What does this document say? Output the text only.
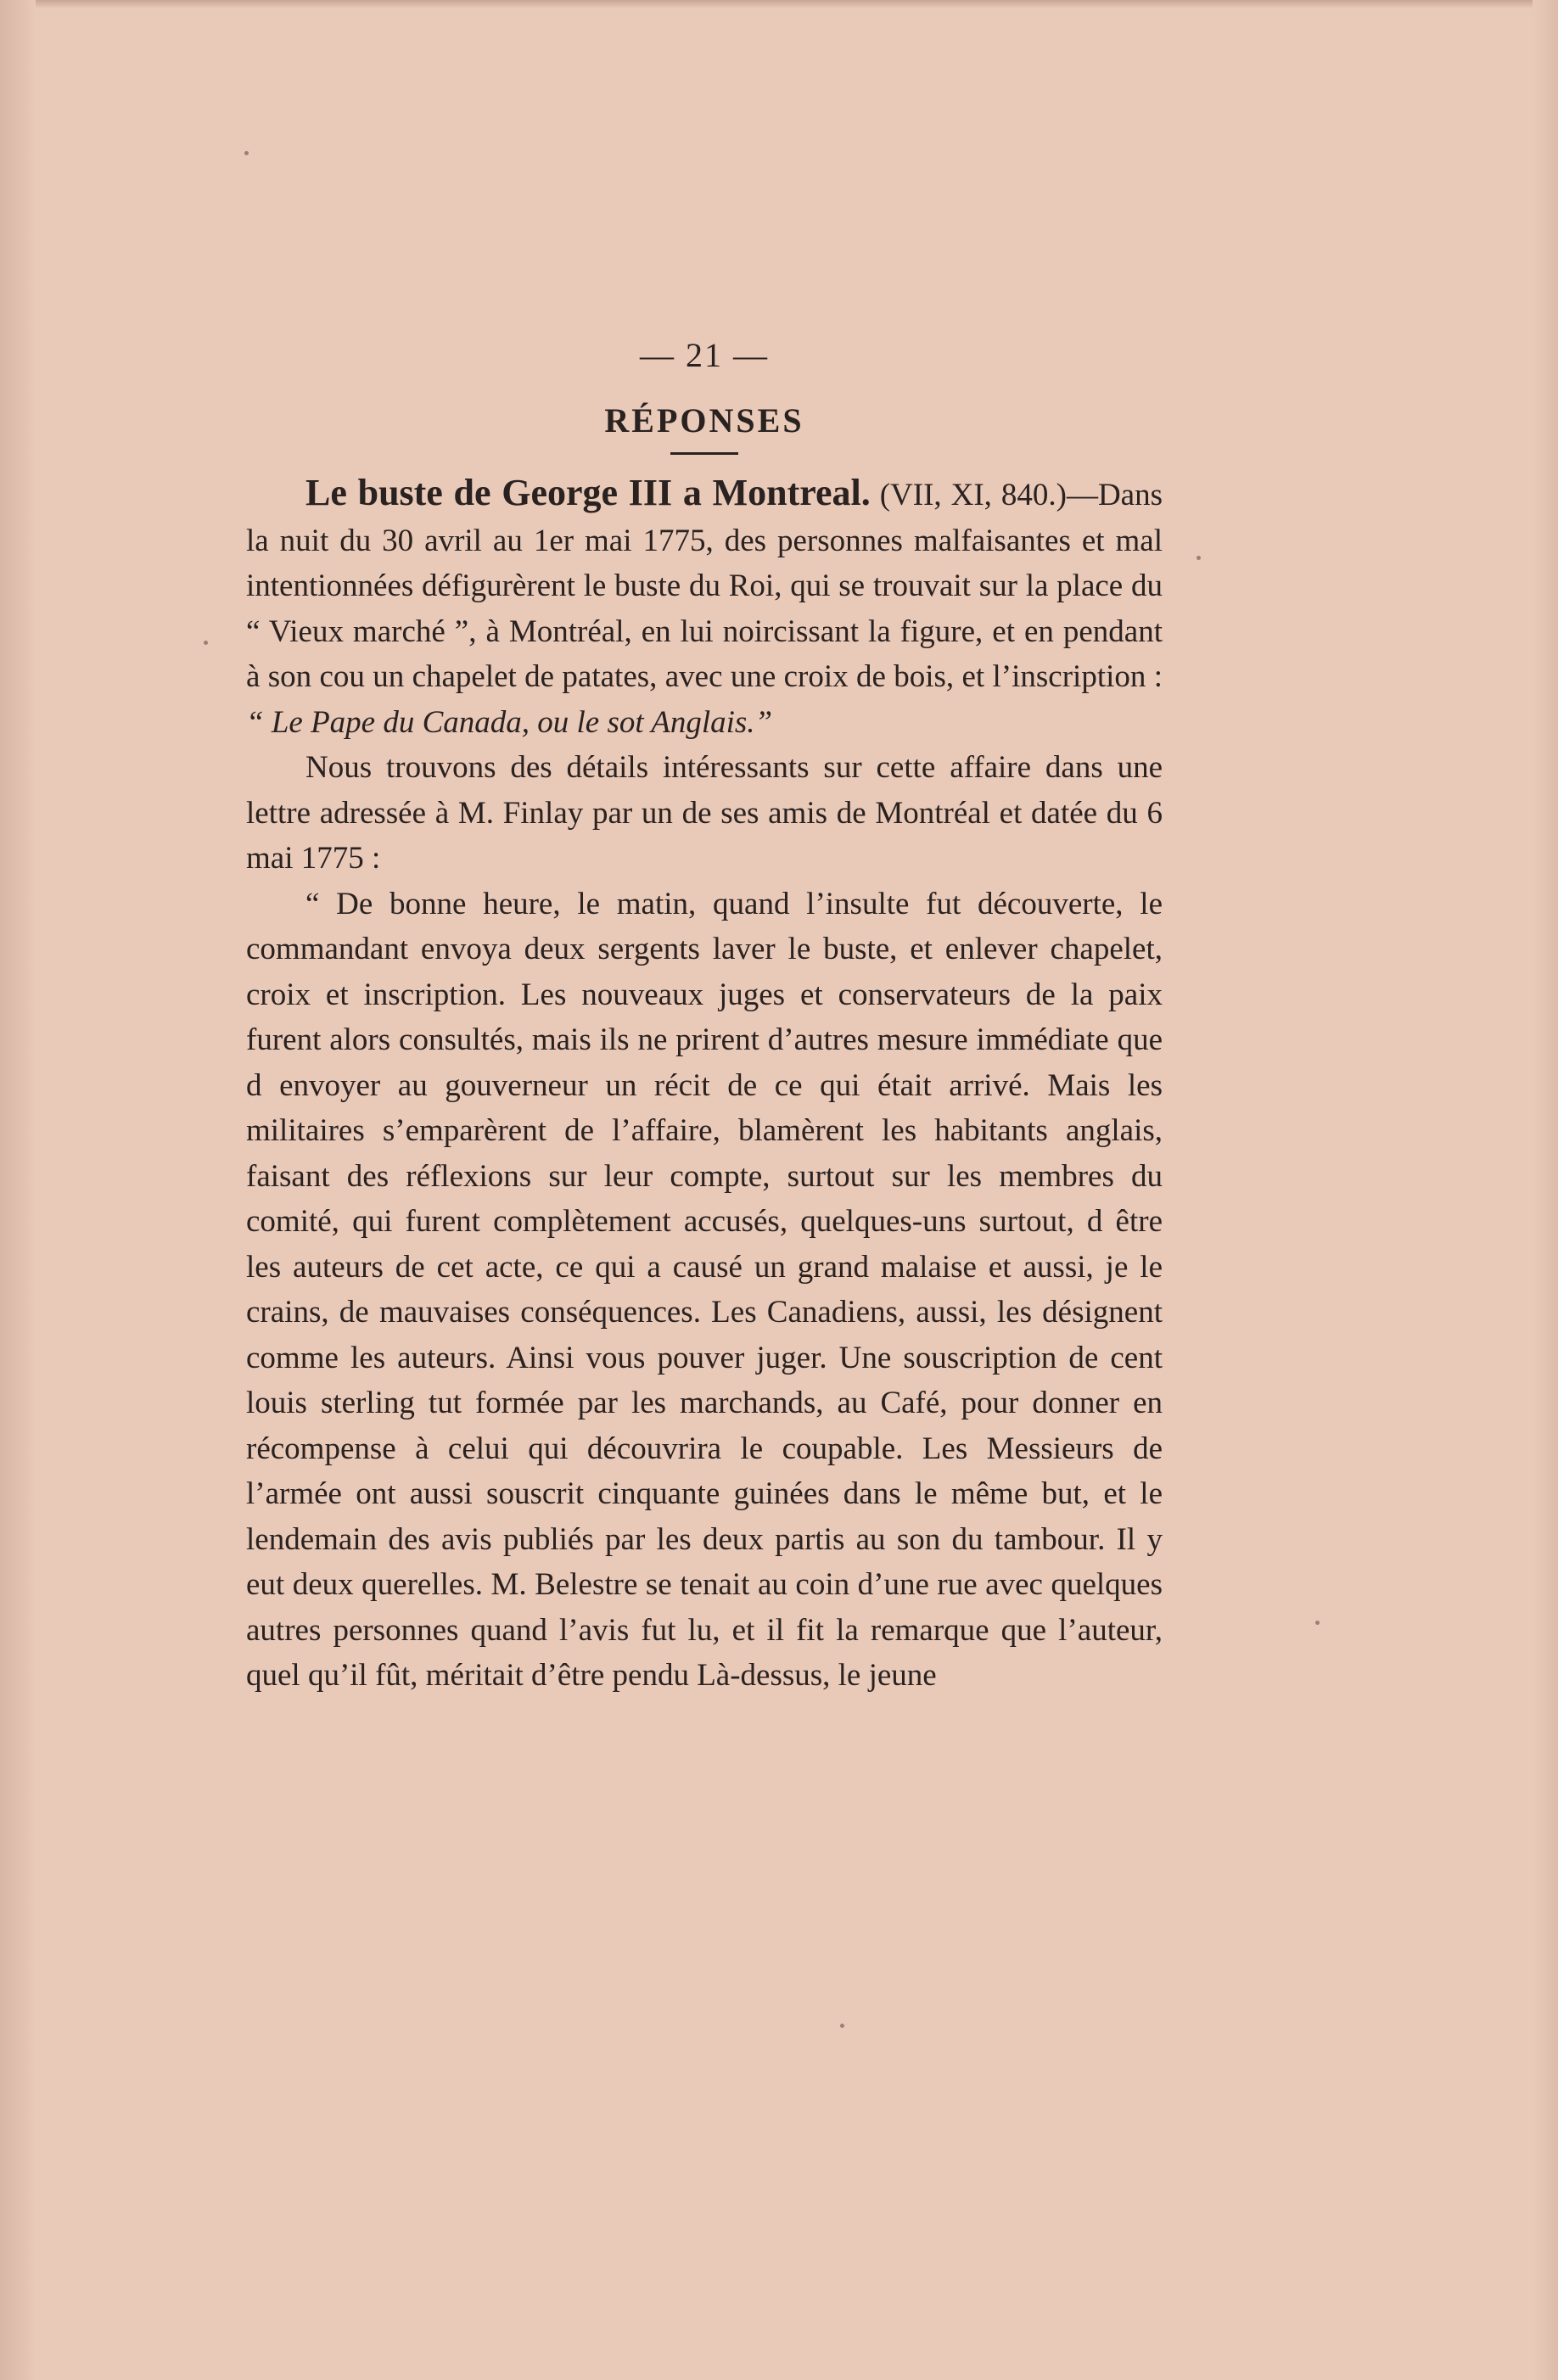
— 21 —
RÉPONSES

Le buste de George III a Montreal. (VII, XI, 840.)—Dans la nuit du 30 avril au 1er mai 1775, des personnes malfaisantes et mal intentionnées défigurèrent le buste du Roi, qui se trouvait sur la place du “ Vieux marché ”, à Montréal, en lui noircissant la figure, et en pendant à son cou un chapelet de patates, avec une croix de bois, et l’inscription : “ Le Pape du Canada, ou le sot Anglais.”

Nous trouvons des détails intéressants sur cette affaire dans une lettre adressée à M. Finlay par un de ses amis de Montréal et datée du 6 mai 1775 :

“ De bonne heure, le matin, quand l’insulte fut découverte, le commandant envoya deux sergents laver le buste, et enlever chapelet, croix et inscription. Les nouveaux juges et conservateurs de la paix furent alors consultés, mais ils ne prirent d’autres mesure immédiate que d envoyer au gouverneur un récit de ce qui était arrivé. Mais les militaires s’emparèrent de l’affaire, blamèrent les habitants anglais, faisant des réflexions sur leur compte, surtout sur les membres du comité, qui furent complètement accusés, quelques-uns surtout, d être les auteurs de cet acte, ce qui a causé un grand malaise et aussi, je le crains, de mauvaises conséquences. Les Canadiens, aussi, les désignent comme les auteurs. Ainsi vous pouver juger. Une souscription de cent louis sterling tut formée par les marchands, au Café, pour donner en récompense à celui qui découvrira le coupable. Les Messieurs de l’armée ont aussi souscrit cinquante guinées dans le même but, et le lendemain des avis publiés par les deux partis au son du tambour. Il y eut deux querelles. M. Belestre se tenait au coin d’une rue avec quelques autres personnes quand l’avis fut lu, et il fit la remarque que l’auteur, quel qu’il fût, méritait d’être pendu Là-dessus, le jeune
